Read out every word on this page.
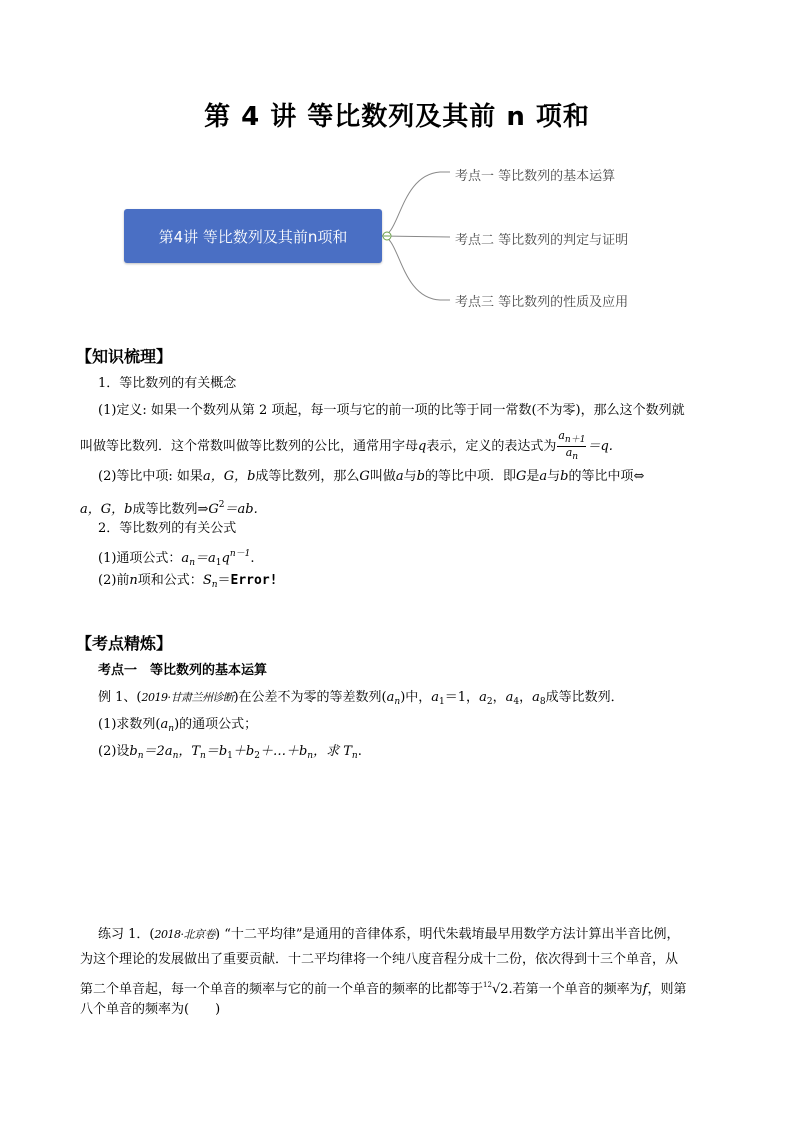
第 4 讲 等比数列及其前 n 项和
第4讲 等比数列及其前n项和
考点一 等比数列的基本运算
考点二 等比数列的判定与证明
考点三 等比数列的性质及应用
【知识梳理】
1．等比数列的有关概念
(1)定义: 如果一个数列从第 2 项起，每一项与它的前一项的比等于同一常数(不为零)，那么这个数列就
叫做等比数列．这个常数叫做等比数列的公比，通常用字母q表示，定义的表达式为 $\frac{a_{n+1}}{a_n} =q$.
(2)等比中项: 如果a，G，b成等比数列，那么G叫做a与b的等比中项．即G是a与b的等比中项⇔
a，G，b成等比数列$\Rightarrow G^2=ab$.
2．等比数列的有关公式
(1)通项公式：$a_n=a_1q^{n-1}$.
(2)前n项和公式：$S_n=Error$!
【考点精炼】
考点一　等比数列的基本运算
例 1、(2019·甘肃兰州诊断)在公差不为零的等差数列$(a_n)$中，$a_1=1$，$a_2$，$a_4$，$a_8$成等比数列．
(1)求数列$(a_n)$的通项公式；
(2)设$b_n=2a_n$，$T_n=b_1+b_2+\dots+b_n$，求 $T_n$.
练习 1．(2018·北京卷) “十二平均律”是通用的音律体系，明代朱载堉最早用数学方法计算出半音比例，
为这个理论的发展做出了重要贡献．十二平均律将一个纯八度音程分成十二份，依次得到十三个单音，从
第二个单音起，每一个单音的频率与它的前一个单音的频率的比都等于$^{12}$√2.若第一个单音的频率为f，则第
八个单音的频率为(　　)
